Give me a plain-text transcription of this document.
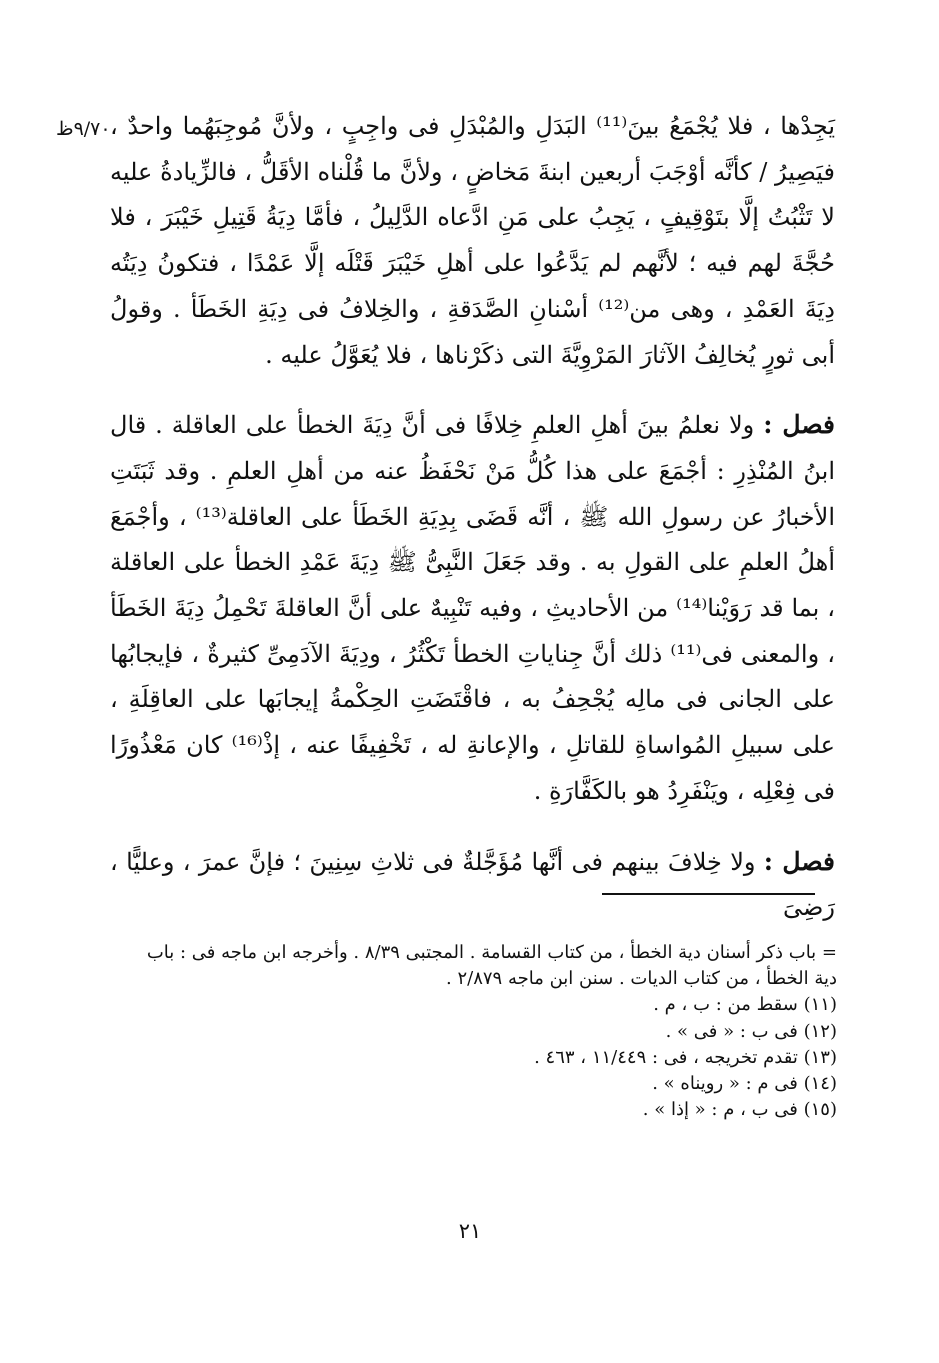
٩/٧٠ظ يَجِدْها ، فلا يُجْمَعُ بينَ⁽¹¹⁾ البَدَلِ والمُبْدَلِ فى واجِبٍ ، ولأنَّ مُوجِبَهُما واحدٌ ، فيَصِيرُ / كأنَّه أوْجَبَ أربعين ابنةَ مَخاضٍ ، ولأنَّ ما قُلْناه الأقَلُّ ، فالزِّيادةُ عليه لا تَثْبُتُ إلَّا بتَوْقِيفٍ ، يَجِبُ على مَنِ ادَّعاه الدَّلِيلُ ، فأمَّا دِيَةُ قَتِيلِ خَيْبَرَ ، فلا حُجَّةَ لهم فيه ؛ لأنَّهم لم يَدَّعُوا على أهلِ خَيْبَرَ قَتْلَه إلَّا عَمْدًا ، فتكونُ دِيَتُه دِيَةَ العَمْدِ ، وهى من⁽¹²⁾ أسْنانِ الصَّدَقةِ ، والخِلافُ فى دِيَةِ الخَطَأ . وقولُ أبى ثورٍ يُخالِفُ الآثارَ المَرْوِيَّةَ التى ذكَرْناها ، فلا يُعَوَّلُ عليه .

فصل : ولا نعلمُ بينَ أهلِ العلمِ خِلافًا فى أنَّ دِيَةَ الخطأ على العاقلة . قال ابنُ المُنْذِرِ : أجْمَعَ على هذا كُلُّ مَنْ نَحْفَظُ عنه من أهلِ العلمِ . وقد ثَبَتَتِ الأخبارُ عن رسولِ الله ﷺ ، أنَّه قَضَى بِدِيَةِ الخَطَأ على العاقلة⁽¹³⁾ ، وأجْمَعَ أهلُ العلمِ على القولِ به . وقد جَعَلَ النَّبِىُّ ﷺ دِيَةَ عَمْدِ الخطأ على العاقلة ، بما قد رَوَيْنا⁽¹⁴⁾ من الأحاديثِ ، وفيه تَنْبِيهٌ على أنَّ العاقلةَ تَحْمِلُ دِيَةَ الخَطَأ ، والمعنى فى⁽¹¹⁾ ذلك أنَّ جِناياتِ الخطأ تَكْثُرُ ، ودِيَةَ الآدَمِىِّ كثيرةٌ ، فإيجابُها على الجانى فى مالِه يُجْحِفُ به ، فاقْتَضَتِ الحِكْمةُ إيجابَها على العاقِلَةِ ، على سبيلِ المُواساةِ للقاتلِ ، والإعانةِ له ، تَخْفِيفًا عنه ، إذْ⁽¹⁶⁾ كان مَعْذُورًا فى فِعْلِه ، ويَنْفَرِدُ هو بالكَفَّارَةِ .

فصل : ولا خِلافَ بينهم فى أنَّها مُؤَجَّلةٌ فى ثلاثِ سِنِينَ ؛ فإنَّ عمرَ ، وعليًّا ، رَضِىَ

= باب ذكر أسنان دية الخطأ ، من كتاب القسامة . المجتبى ٨/٣٩ . وأخرجه ابن ماجه فى : باب دية الخطأ ، من كتاب الديات . سنن ابن ماجه ٢/٨٧٩ .

(١١) سقط من : ب ، م .

(١٢) فى ب : « فى » .

(١٣) تقدم تخريجه ، فى : ١١/٤٤٩ ، ٤٦٣ .

(١٤) فى م : « رويناه » .

(١٥) فى ب ، م : « إذا » .

٢١
